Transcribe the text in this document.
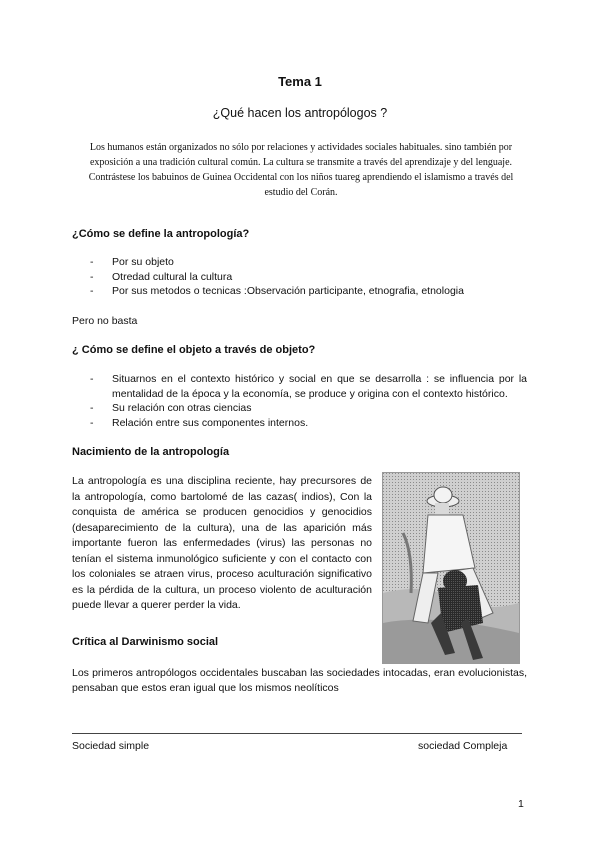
Tema 1
¿Qué hacen los antropólogos ?
Los humanos están organizados no sólo por relaciones y actividades sociales habituales. sino también por exposición a una tradición cultural común. La cultura se transmite a través del aprendizaje y del lenguaje. Contrástese los babuinos de Guinea Occidental con los niños tuareg aprendiendo el islamismo a través del estudio del Corán.
¿Cómo se define la antropología?
- Por su objeto
- Otredad cultural la cultura
- Por sus metodos o tecnicas :Observación participante, etnografia, etnologia
Pero no basta
¿ Cómo se define el objeto a través de objeto?
- Situarnos en el contexto histórico y social en que se desarrolla : se influencia por la mentalidad de la época y la economía, se produce y origina con el contexto histórico.
- Su relación con otras ciencias
- Relación entre sus componentes internos.
Nacimiento de la antropología
La antropología es una disciplina reciente, hay precursores de la antropología, como bartolomé de las cazas( indios), Con la conquista de américa se producen genocidios y genocidios (desaparecimiento de la cultura), una de las aparición más importante fueron las enfermedades (virus) las personas no tenían el sistema inmunológico suficiente y con el contacto con los coloniales se atraen virus, proceso aculturación significativo es la pérdida de la cultura, un proceso violento de aculturación puede llevar a querer perder la vida.
Crítica al Darwinismo social
Los primeros antropólogos occidentales buscaban las sociedades intocadas, eran evolucionistas, pensaban que estos eran igual que los mismos neolíticos
Sociedad simple	sociedad Compleja
1
